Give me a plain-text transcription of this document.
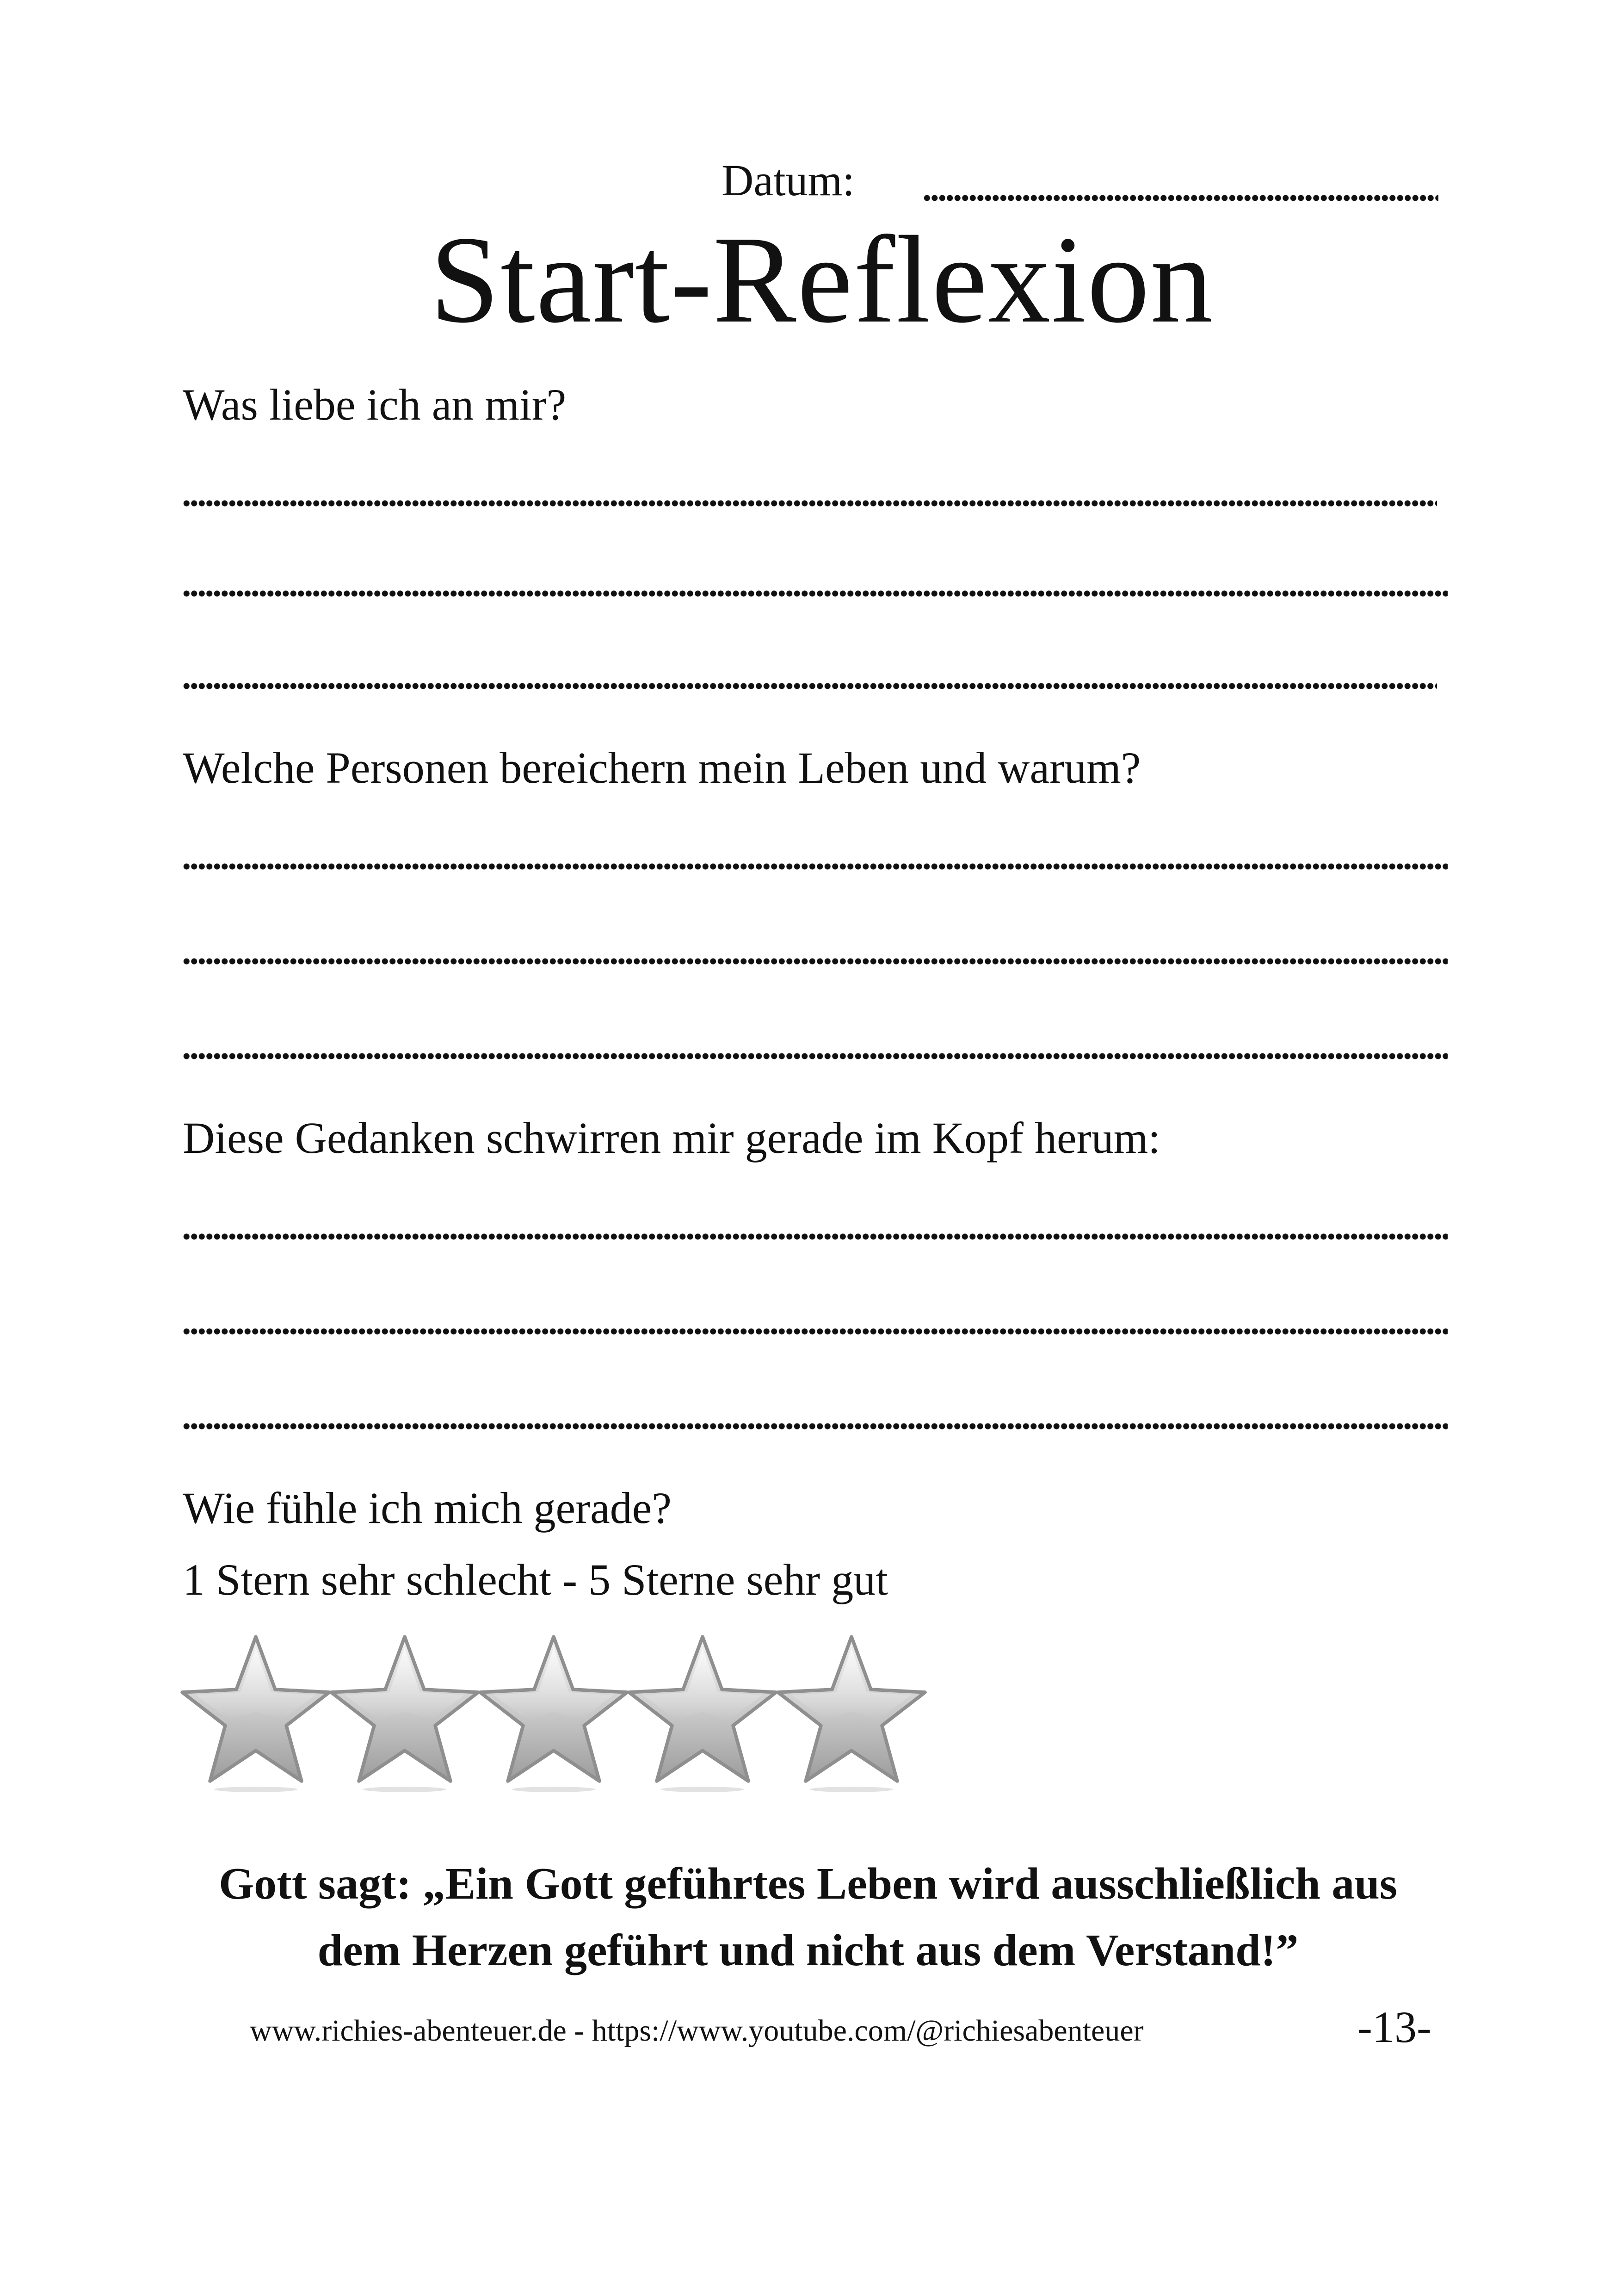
Datum:
Start-Reflexion
Was liebe ich an mir?
Welche Personen bereichern mein Leben und warum?
Diese Gedanken schwirren mir gerade im Kopf herum:
Wie fühle ich mich gerade?
1 Stern sehr schlecht - 5 Sterne sehr gut
Gott sagt: „Ein Gott geführtes Leben wird ausschließlich aus
dem Herzen geführt und nicht aus dem Verstand!”
www.richies-abenteuer.de - https://www.youtube.com/@richiesabenteuer	-13-
